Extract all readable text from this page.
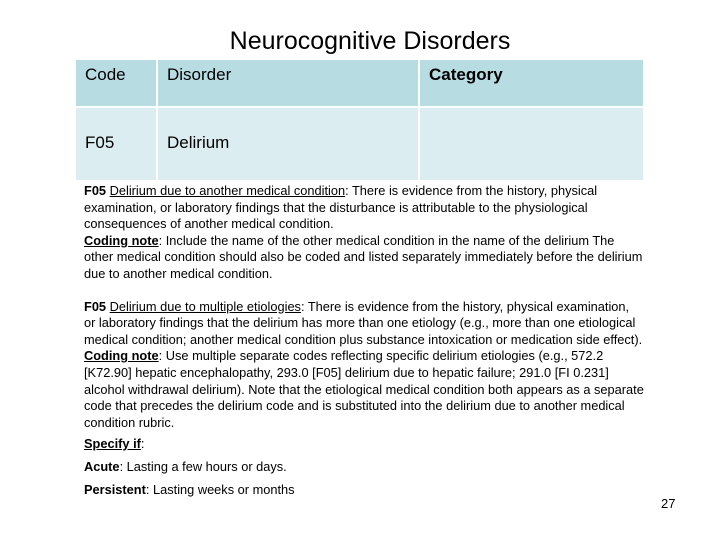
Neurocognitive Disorders
Code	Disorder	Category
F05	Delirium

F05 Delirium due to another medical condition: There is evidence from the history, physical examination, or laboratory findings that the disturbance is attributable to the physiological consequences of another medical condition.

Coding note: Include the name of the other medical condition in the name of the delirium The other medical condition should also be coded and listed separately immediately before the delirium due to another medical condition.

F05 Delirium due to multiple etiologies: There is evidence from the history, physical examination, or laboratory findings that the delirium has more than one etiology (e.g., more than one etiological medical condition; another medical condition plus substance intoxication or medication side effect).

Coding note: Use multiple separate codes reflecting specific delirium etiologies (e.g., 572.2 [K72.90] hepatic encephalopathy, 293.0 [F05] delirium due to hepatic failure; 291.0 [FI 0.231] alcohol withdrawal delirium). Note that the etiological medical condition both appears as a separate code that precedes the delirium code and is substituted into the delirium due to another medical condition rubric.

Specify if:

Acute: Lasting a few hours or days.

Persistent: Lasting weeks or months

27
